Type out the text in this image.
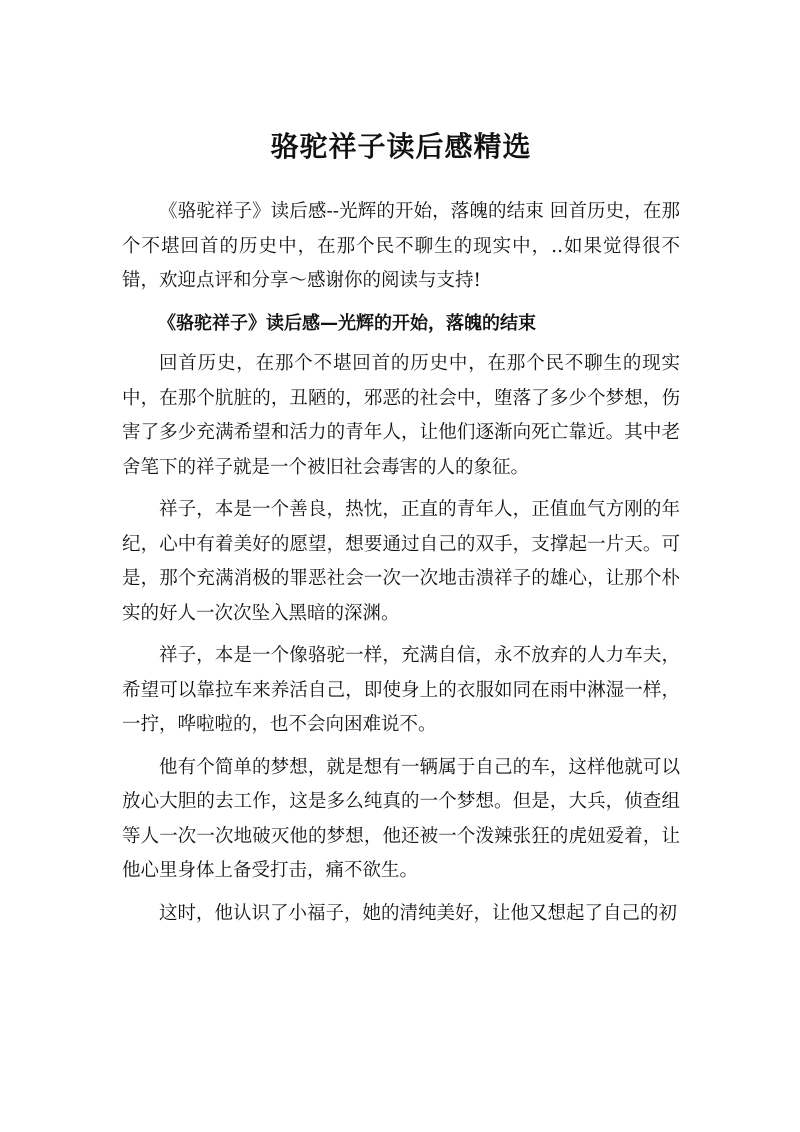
骆驼祥子读后感精选

《骆驼祥子》读后感--光辉的开始，落魄的结束 回首历史，在那个不堪回首的历史中，在那个民不聊生的现实中，..如果觉得很不错，欢迎点评和分享～感谢你的阅读与支持!

《骆驼祥子》读后感—光辉的开始，落魄的结束

回首历史，在那个不堪回首的历史中，在那个民不聊生的现实中，在那个肮脏的，丑陋的，邪恶的社会中，堕落了多少个梦想，伤害了多少充满希望和活力的青年人，让他们逐渐向死亡靠近。其中老舍笔下的祥子就是一个被旧社会毒害的人的象征。

祥子，本是一个善良，热忱，正直的青年人，正值血气方刚的年纪，心中有着美好的愿望，想要通过自己的双手，支撑起一片天。可是，那个充满消极的罪恶社会一次一次地击溃祥子的雄心，让那个朴实的好人一次次坠入黑暗的深渊。

祥子，本是一个像骆驼一样，充满自信，永不放弃的人力车夫，希望可以靠拉车来养活自己，即使身上的衣服如同在雨中淋湿一样，一拧，哗啦啦的，也不会向困难说不。

他有个简单的梦想，就是想有一辆属于自己的车，这样他就可以放心大胆的去工作，这是多么纯真的一个梦想。但是，大兵，侦查组等人一次一次地破灭他的梦想，他还被一个泼辣张狂的虎妞爱着，让他心里身体上备受打击，痛不欲生。

这时，他认识了小福子，她的清纯美好，让他又想起了自己的初
